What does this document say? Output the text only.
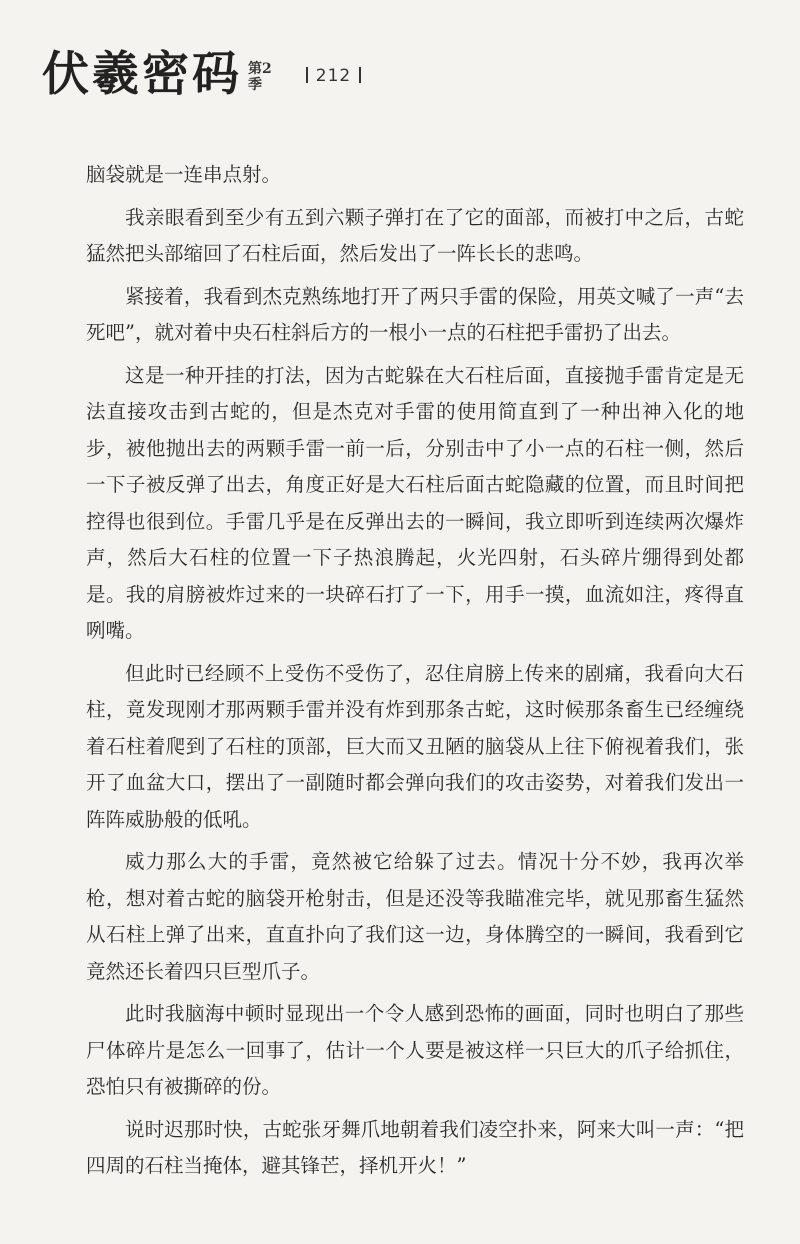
伏羲密码 第2
季	212

脑袋就是一连串点射。

我亲眼看到至少有五到六颗子弹打在了它的面部，而被打中之后，古蛇猛然把头部缩回了石柱后面，然后发出了一阵长长的悲鸣。

紧接着，我看到杰克熟练地打开了两只手雷的保险，用英文喊了一声“去死吧”，就对着中央石柱斜后方的一根小一点的石柱把手雷扔了出去。

这是一种开挂的打法，因为古蛇躲在大石柱后面，直接抛手雷肯定是无法直接攻击到古蛇的，但是杰克对手雷的使用简直到了一种出神入化的地步，被他抛出去的两颗手雷一前一后，分别击中了小一点的石柱一侧，然后一下子被反弹了出去，角度正好是大石柱后面古蛇隐藏的位置，而且时间把控得也很到位。手雷几乎是在反弹出去的一瞬间，我立即听到连续两次爆炸声，然后大石柱的位置一下子热浪腾起，火光四射，石头碎片绷得到处都是。我的肩膀被炸过来的一块碎石打了一下，用手一摸，血流如注，疼得直咧嘴。

但此时已经顾不上受伤不受伤了，忍住肩膀上传来的剧痛，我看向大石柱，竟发现刚才那两颗手雷并没有炸到那条古蛇，这时候那条畜生已经缠绕着石柱着爬到了石柱的顶部，巨大而又丑陋的脑袋从上往下俯视着我们，张开了血盆大口，摆出了一副随时都会弹向我们的攻击姿势，对着我们发出一阵阵威胁般的低吼。

威力那么大的手雷，竟然被它给躲了过去。情况十分不妙，我再次举枪，想对着古蛇的脑袋开枪射击，但是还没等我瞄准完毕，就见那畜生猛然从石柱上弹了出来，直直扑向了我们这一边，身体腾空的一瞬间，我看到它竟然还长着四只巨型爪子。

此时我脑海中顿时显现出一个令人感到恐怖的画面，同时也明白了那些尸体碎片是怎么一回事了，估计一个人要是被这样一只巨大的爪子给抓住，恐怕只有被撕碎的份。

说时迟那时快，古蛇张牙舞爪地朝着我们凌空扑来，阿来大叫一声：“把四周的石柱当掩体，避其锋芒，择机开火！”
